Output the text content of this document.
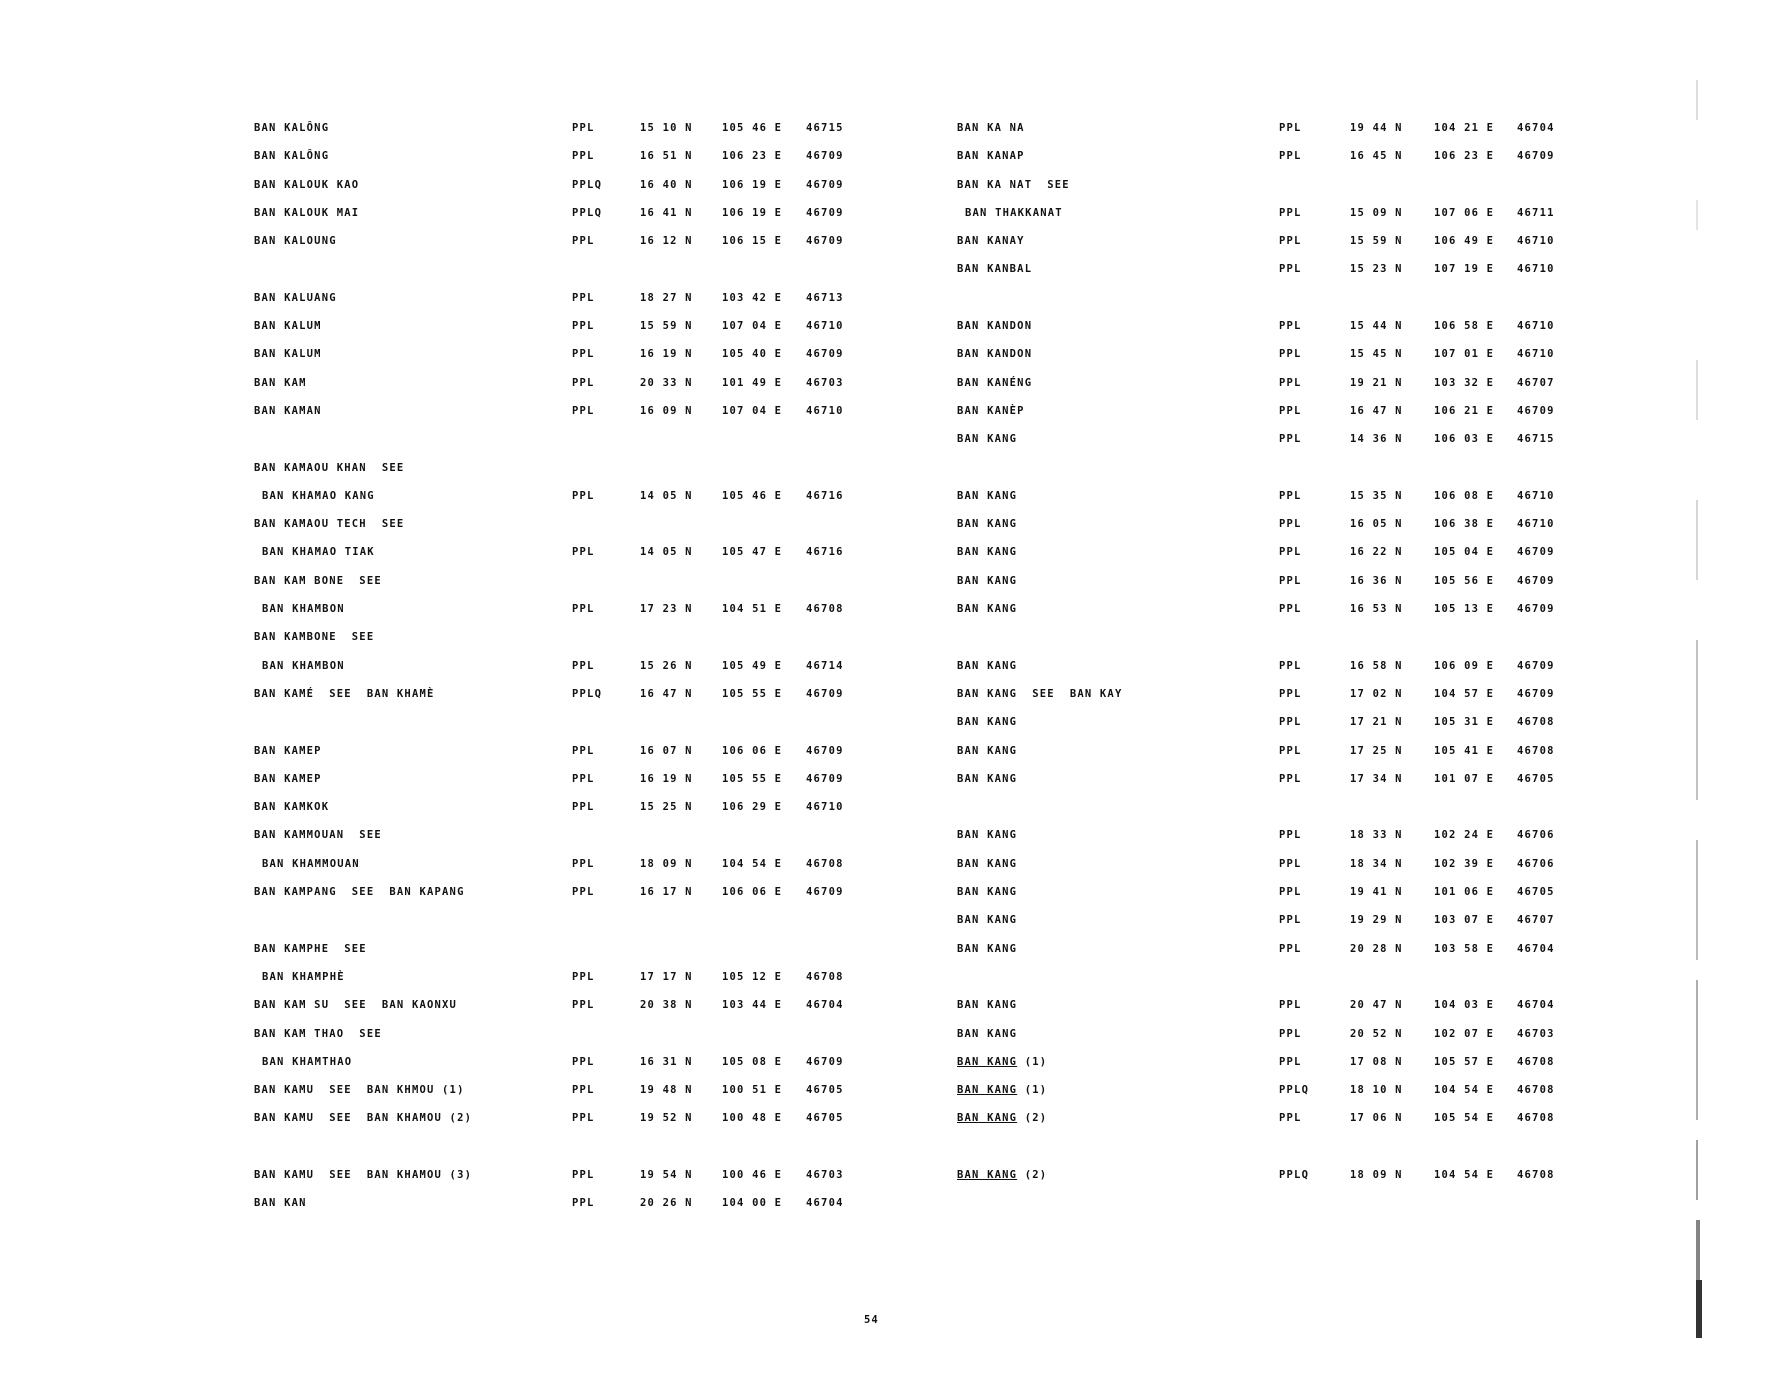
BAN KALÔNG	PPL	15 10 N	105 46 E 46715
BAN KALÔNG	PPL	16 51 N	106 23 E 46709
BAN KALOUK KAO	PPLQ	16 40 N	106 19 E 46709
BAN KALOUK MAI	PPLQ	16 41 N	106 19 E 46709
BAN KALOUNG	PPL	16 12 N	106 15 E 46709
BAN KALUANG	PPL	18 27 N	103 42 E 46713
BAN KALUM	PPL	15 59 N	107 04 E 46710
BAN KALUM	PPL	16 19 N	105 40 E 46709
BAN KAM	PPL	20 33 N	101 49 E 46703
BAN KAMAN	PPL	16 09 N	107 04 E 46710
BAN KAMAOU KHAN  SEE
BAN KHAMAO KANG	PPL	14 05 N	105 46 E 46716
BAN KAMAOU TECH  SEE
BAN KHAMAO TIAK	PPL	14 05 N	105 47 E 46716
BAN KAM BONE  SEE
BAN KHAMBON	PPL	17 23 N	104 51 E 46708
BAN KAMBONE  SEE
BAN KHAMBON	PPL	15 26 N	105 49 E 46714
BAN KAMÉ  SEE  BAN KHAMÈ	PPLQ	16 47 N	105 55 E 46709
BAN KAMEP	PPL	16 07 N	106 06 E 46709
BAN KAMEP	PPL	16 19 N	105 55 E 46709
BAN KAMKOK	PPL	15 25 N	106 29 E 46710
BAN KAMMOUAN  SEE
BAN KHAMMOUAN	PPL	18 09 N	104 54 E 46708
BAN KAMPANG  SEE  BAN KAPANG	PPL	16 17 N	106 06 E 46709
BAN KAMPHE  SEE
BAN KHAMPHÈ	PPL	17 17 N	105 12 E 46708
BAN KAM SU  SEE  BAN KAONXU	PPL	20 38 N	103 44 E 46704
BAN KAM THAO  SEE
BAN KHAMTHAO	PPL	16 31 N	105 08 E 46709
BAN KAMU  SEE  BAN KHMOU (1)	PPL	19 48 N	100 51 E 46705
BAN KAMU  SEE  BAN KHAMOU (2)	PPL	19 52 N	100 48 E 46705
BAN KAMU  SEE  BAN KHAMOU (3)	PPL	19 54 N	100 46 E 46703
BAN KAN	PPL	20 26 N	104 00 E 46704
BAN KA NA	PPL	19 44 N	104 21 E 46704
BAN KANAP	PPL	16 45 N	106 23 E 46709
BAN KA NAT  SEE
BAN THAKKANAT	PPL	15 09 N	107 06 E 46711
BAN KANAY	PPL	15 59 N	106 49 E 46710
BAN KANBAL	PPL	15 23 N	107 19 E 46710
BAN KANDON	PPL	15 44 N	106 58 E 46710
BAN KANDON	PPL	15 45 N	107 01 E 46710
BAN KANÉNG	PPL	19 21 N	103 32 E 46707
BAN KANÈP	PPL	16 47 N	106 21 E 46709
BAN KANG	PPL	14 36 N	106 03 E 46715
BAN KANG	PPL	15 35 N	106 08 E 46710
BAN KANG	PPL	16 05 N	106 38 E 46710
BAN KANG	PPL	16 22 N	105 04 E 46709
BAN KANG	PPL	16 36 N	105 56 E 46709
BAN KANG	PPL	16 53 N	105 13 E 46709
BAN KANG	PPL	16 58 N	106 09 E 46709
BAN KANG  SEE  BAN KAY	PPL	17 02 N	104 57 E 46709
BAN KANG	PPL	17 21 N	105 31 E 46708
BAN KANG	PPL	17 25 N	105 41 E 46708
BAN KANG	PPL	17 34 N	101 07 E 46705
BAN KANG	PPL	18 33 N	102 24 E 46706
BAN KANG	PPL	18 34 N	102 39 E 46706
BAN KANG	PPL	19 41 N	101 06 E 46705
BAN KANG	PPL	19 29 N	103 07 E 46707
BAN KANG	PPL	20 28 N	103 58 E 46704
BAN KANG	PPL	20 47 N	104 03 E 46704
BAN KANG	PPL	20 52 N	102 07 E 46703
BAN KANG (1)	PPL	17 08 N	105 57 E 46708
BAN KANG (1)	PPLQ	18 10 N	104 54 E 46708
BAN KANG (2)	PPL	17 06 N	105 54 E 46708
BAN KANG (2)	PPLQ	18 09 N	104 54 E 46708
54
